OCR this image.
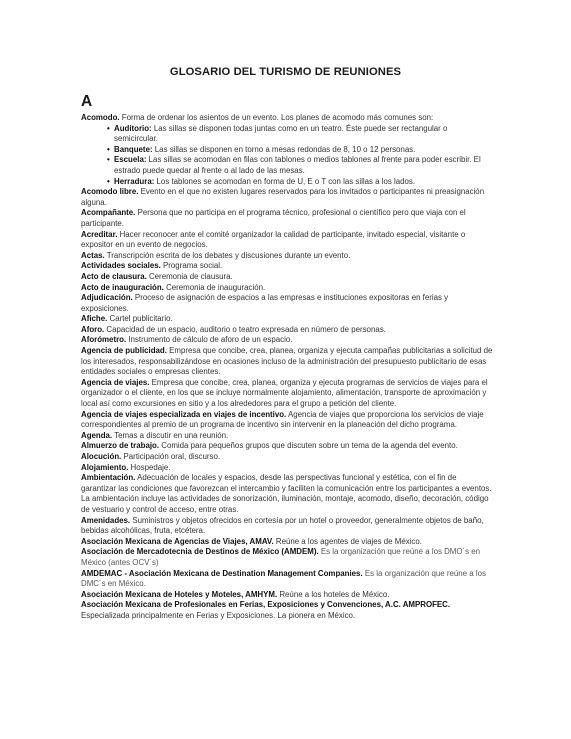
GLOSARIO DEL TURISMO DE REUNIONES
A

Acomodo. Forma de ordenar los asientos de un evento. Los planes de acomodo más comunes son:

• Auditorio: Las sillas se disponen todas juntas como en un teatro. Éste puede ser rectangular o semicircular.
• Banquete: Las sillas se disponen en torno a mesas redondas de 8, 10 o 12 personas.
• Escuela: Las sillas se acomodan en filas con tablones o medios tablones al frente para poder escribir. El estrado puede quedar al frente o al lado de las mesas.
• Herradura: Los tablones se acomodan en forma de U, E o T con las sillas a los lados.

Acomodo libre. Evento en el que no existen lugares reservados para los invitados o participantes ni preasignación alguna.

Acompañante. Persona que no participa en el programa técnico, profesional o científico pero que viaja con el participante.

Acreditar. Hacer reconocer ante el comité organizador la calidad de participante, invitado especial, visitante o expositor en un evento de negocios.

Actas. Transcripción escrita de los debates y discusiones durante un evento.

Actividades sociales. Programa social.

Acto de clausura. Ceremonia de clausura.

Acto de inauguración. Ceremonia de inauguración.

Adjudicación. Proceso de asignación de espacios a las empresas e instituciones expositoras en ferias y exposiciones.

Afiche. Cartel publicitario.

Aforo. Capacidad de un espacio, auditorio o teatro expresada en número de personas.

Aforómetro. Instrumento de cálculo de aforo de un espacio.

Agencia de publicidad. Empresa que concibe, crea, planea, organiza y ejecuta campañas publicitarias a solicitud de los interesados, responsabilizándose en ocasiones incluso de la administración del presupuesto publicitario de esas entidades sociales o empresas clientes.

Agencia de viajes. Empresa que concibe, crea, planea, organiza y ejecuta programas de servicios de viajes para el organizador o el cliente, en los que se incluye normalmente alojamiento, alimentación, transporte de aproximación y local así como excursiones en sitio y a los alrededores para el grupo a petición del cliente.

Agencia de viajes especializada en viajes de incentivo. Agencia de viajes que proporciona los servicios de viaje correspondientes al premio de un programa de incentivo sin intervenir en la planeación del dicho programa.

Agenda. Temas a discutir en una reunión.

Almuerzo de trabajo. Comida para pequeños grupos que discuten sobre un tema de la agenda del evento.

Alocución. Participación oral, discurso.

Alojamiento. Hospedaje.

Ambientación. Adecuación de locales y espacios, desde las perspectivas funcional y estética, con el fin de garantizar las condiciones que favorezcan el intercambio y faciliten la comunicación entre los participantes a eventos. La ambientación incluye las actividades de sonorización, iluminación, montaje, acomodo, diseño, decoración, código de vestuario y control de acceso, entre otras.

Amenidades. Suministros y objetos ofrecidos en cortesía por un hotel o proveedor, generalmente objetos de baño, bebidas alcohólicas, fruta, etcétera.

Asociación Mexicana de Agencias de Viajes, AMAV. Reúne a los agentes de viajes de México.

Asociación de Mercadotecnia de Destinos de México (AMDEM). Es la organización que reúne a los DMO´s en México (antes OCV´s)

AMDEMAC - Asociación Mexicana de Destination Management Companies. Es la organización que reúne a los DMC´s en México.

Asociación Mexicana de Hoteles y Moteles, AMHYM. Reúne a los hoteles de México.

Asociación Mexicana de Profesionales en Ferias, Exposiciones y Convenciones, A.C. AMPROFEC. Especializada principalmente en Ferias y Exposiciones. La pionera en México.
